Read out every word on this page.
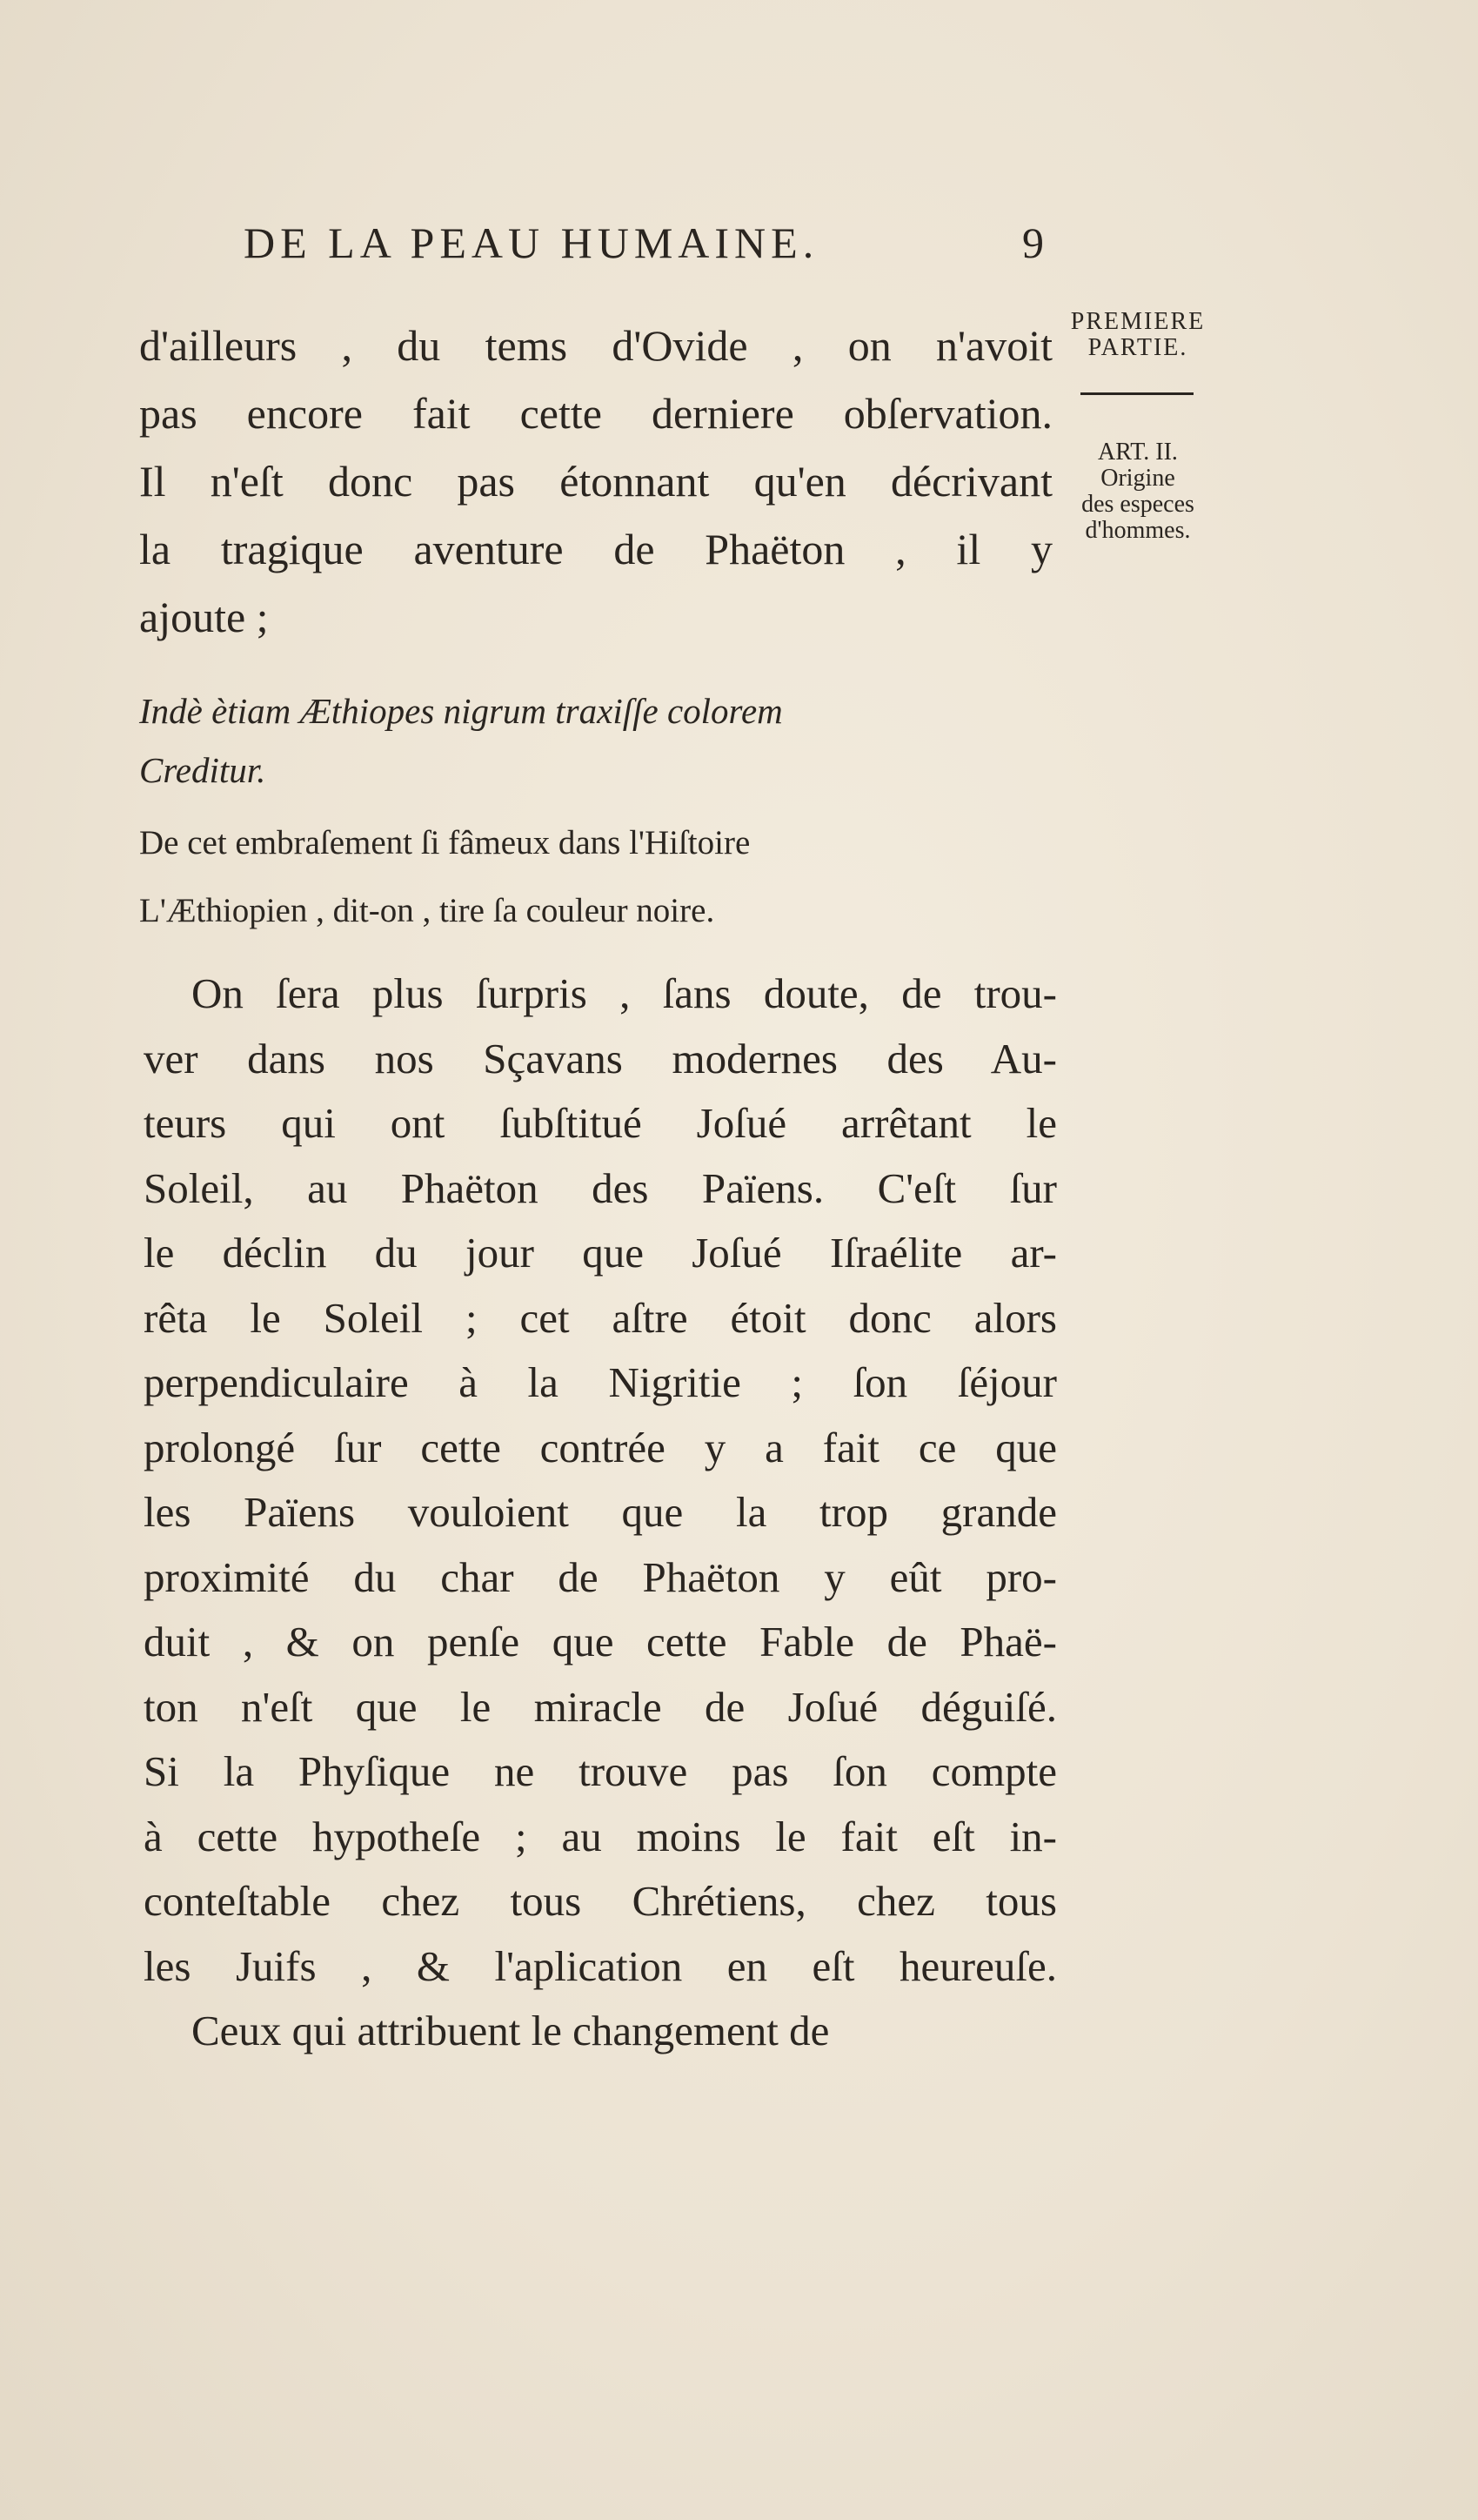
DE LA PEAU HUMAINE.	9
PREMIERE PARTIE.
ART. II.
Origine
des especes
d'hommes.
d'ailleurs , du tems d'Ovide , on n'avoit
pas encore fait cette derniere obſervation.
Il n'eſt donc pas étonnant qu'en décrivant
la tragique aventure de Phaëton , il y
ajoute ;
Indè ètiam Æthiopes nigrum traxiſſe colorem
Creditur.
De cet embraſement ſi fâmeux dans l'Hiſtoire
L'Æthiopien , dit-on , tire ſa couleur noire.
On ſera plus ſurpris , ſans doute, de trou-
ver dans nos Sçavans modernes des Au-
teurs qui ont ſubſtitué Joſué arrêtant le
Soleil, au Phaëton des Païens. C'eſt ſur
le déclin du jour que Joſué Iſraélite ar-
rêta le Soleil ; cet aſtre étoit donc alors
perpendiculaire à la Nigritie ; ſon ſéjour
prolongé ſur cette contrée y a fait ce que
les Païens vouloient que la trop grande
proximité du char de Phaëton y eût pro-
duit , & on penſe que cette Fable de Phaë-
ton n'eſt que le miracle de Joſué déguiſé.
Si la Phyſique ne trouve pas ſon compte
à cette hypotheſe ; au moins le fait eſt in-
conteſtable chez tous Chrétiens, chez tous
les Juifs , & l'aplication en eſt heureuſe.
Ceux qui attribuent le changement de
